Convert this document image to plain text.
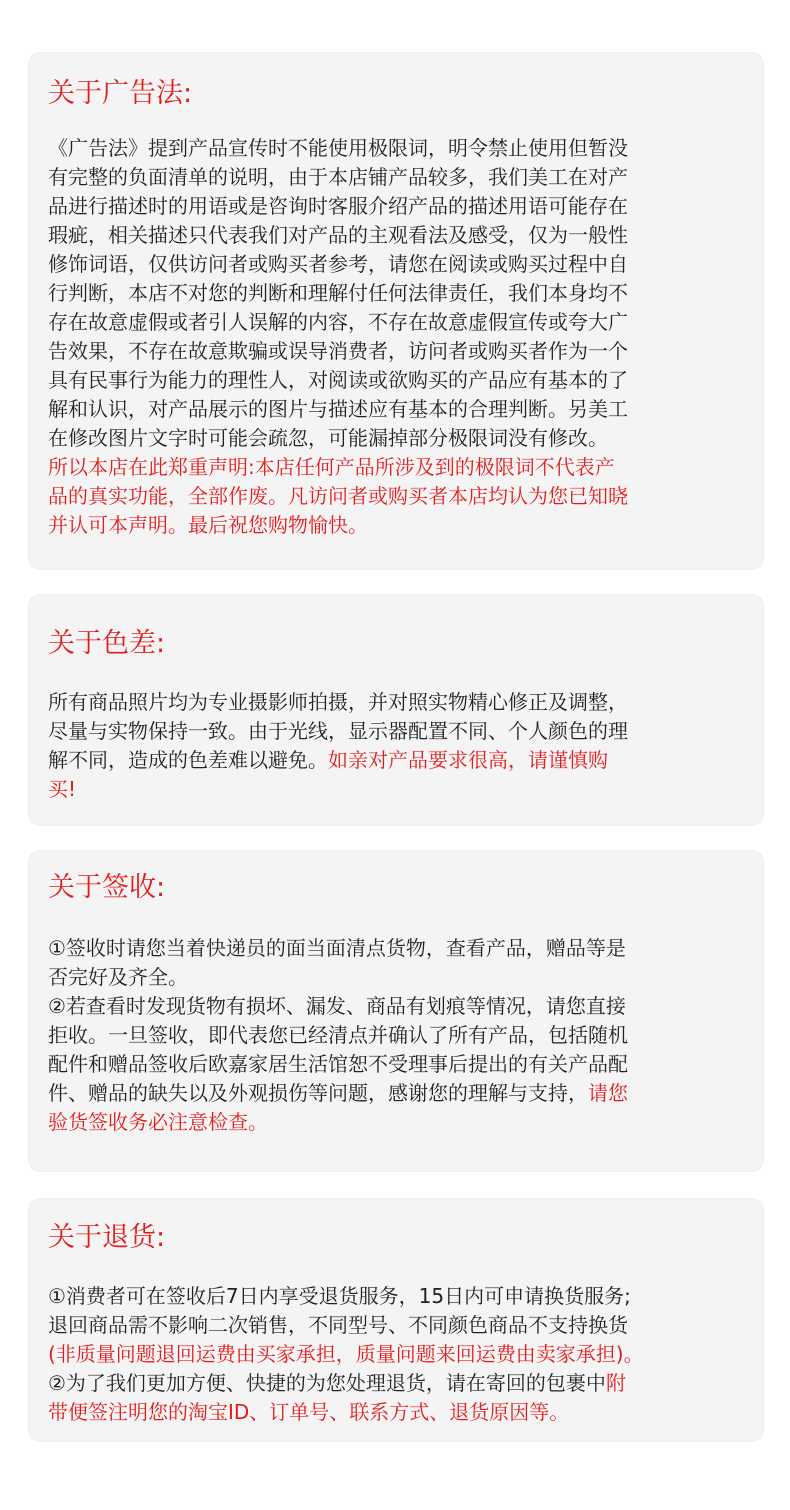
关于广告法:

《广告法》提到产品宣传时不能使用极限词，明令禁止使用但暂没
有完整的负面清单的说明，由于本店铺产品较多，我们美工在对产
品进行描述时的用语或是咨询时客服介绍产品的描述用语可能存在
瑕疵，相关描述只代表我们对产品的主观看法及感受，仅为一般性
修饰词语，仅供访问者或购买者参考，请您在阅读或购买过程中自
行判断，本店不对您的判断和理解付任何法律责任，我们本身均不
存在故意虚假或者引人误解的内容，不存在故意虚假宣传或夸大广
告效果，不存在故意欺骗或误导消费者，访问者或购买者作为一个
具有民事行为能力的理性人，对阅读或欲购买的产品应有基本的了
解和认识，对产品展示的图片与描述应有基本的合理判断。另美工
在修改图片文字时可能会疏忽，可能漏掉部分极限词没有修改。
所以本店在此郑重声明:本店任何产品所涉及到的极限词不代表产
品的真实功能，全部作废。凡访问者或购买者本店均认为您已知晓
并认可本声明。最后祝您购物愉快。

关于色差:

所有商品照片均为专业摄影师拍摄，并对照实物精心修正及调整，
尽量与实物保持一致。由于光线，显示器配置不同、个人颜色的理
解不同，造成的色差难以避免。如亲对产品要求很高，请谨慎购
买!

关于签收:

①签收时请您当着快递员的面当面清点货物，查看产品，赠品等是
否完好及齐全。
②若查看时发现货物有损坏、漏发、商品有划痕等情况，请您直接
拒收。一旦签收，即代表您已经清点并确认了所有产品，包括随机
配件和赠品签收后欧嘉家居生活馆恕不受理事后提出的有关产品配
件、赠品的缺失以及外观损伤等问题，感谢您的理解与支持，请您
验货签收务必注意检查。

关于退货:

①消费者可在签收后7日内享受退货服务，15日内可申请换货服务;
退回商品需不影响二次销售，不同型号、不同颜色商品不支持换货
(非质量问题退回运费由买家承担，质量问题来回运费由卖家承担)。
②为了我们更加方便、快捷的为您处理退货，请在寄回的包裹中附
带便签注明您的淘宝ID、订单号、联系方式、退货原因等。
